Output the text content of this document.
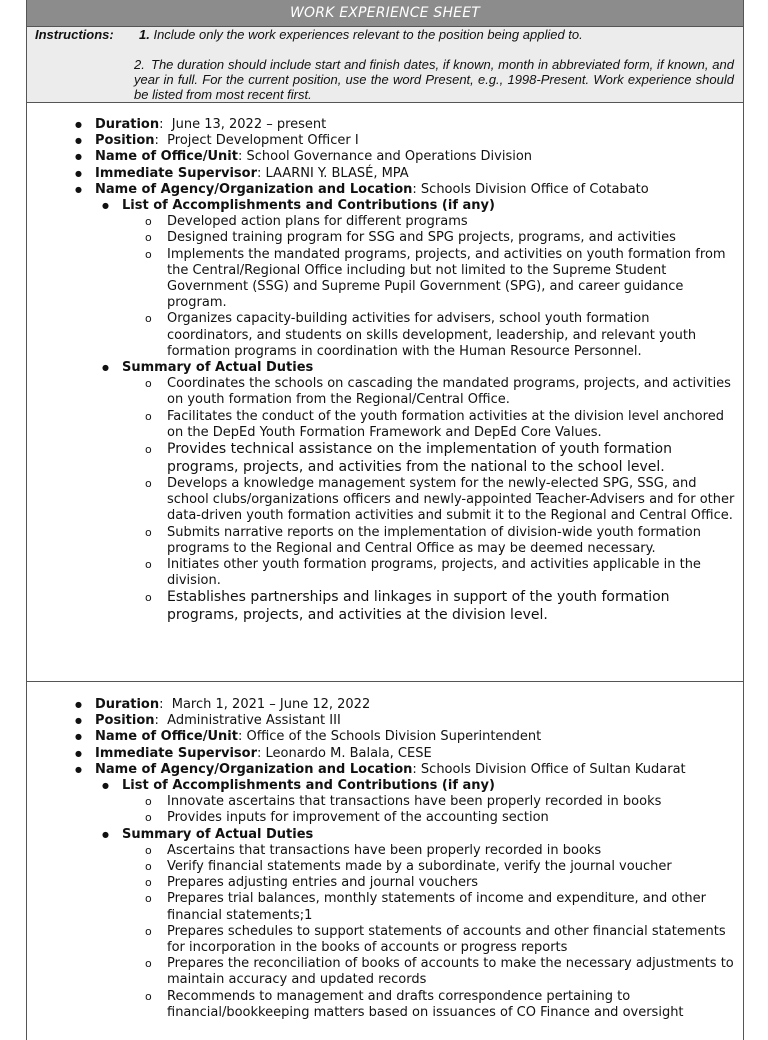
WORK EXPERIENCE SHEET
Instructions: 1. Include only the work experiences relevant to the position being applied to.
2. The duration should include start and finish dates, if known, month in abbreviated form, if known, and year in full. For the current position, use the word Present, e.g., 1998-Present. Work experience should be listed from most recent first.
● Duration:  June 13, 2022 – present
● Position:  Project Development Officer I
● Name of Office/Unit: School Governance and Operations Division
● Immediate Supervisor: LAARNI Y. BLASÉ, MPA
● Name of Agency/Organization and Location: Schools Division Office of Cotabato
● List of Accomplishments and Contributions (if any)
o Developed action plans for different programs
o Designed training program for SSG and SPG projects, programs, and activities
o Implements the mandated programs, projects, and activities on youth formation from the Central/Regional Office including but not limited to the Supreme Student Government (SSG) and Supreme Pupil Government (SPG), and career guidance program.
o Organizes capacity-building activities for advisers, school youth formation coordinators, and students on skills development, leadership, and relevant youth formation programs in coordination with the Human Resource Personnel.
● Summary of Actual Duties
o Coordinates the schools on cascading the mandated programs, projects, and activities on youth formation from the Regional/Central Office.
o Facilitates the conduct of the youth formation activities at the division level anchored on the DepEd Youth Formation Framework and DepEd Core Values.
o Provides technical assistance on the implementation of youth formation programs, projects, and activities from the national to the school level.
o Develops a knowledge management system for the newly-elected SPG, SSG, and school clubs/organizations officers and newly-appointed Teacher-Advisers and for other data-driven youth formation activities and submit it to the Regional and Central Office.
o Submits narrative reports on the implementation of division-wide youth formation programs to the Regional and Central Office as may be deemed necessary.
o Initiates other youth formation programs, projects, and activities applicable in the division.
o Establishes partnerships and linkages in support of the youth formation programs, projects, and activities at the division level.
● Duration:  March 1, 2021 – June 12, 2022
● Position:  Administrative Assistant III
● Name of Office/Unit: Office of the Schools Division Superintendent
● Immediate Supervisor: Leonardo M. Balala, CESE
● Name of Agency/Organization and Location: Schools Division Office of Sultan Kudarat
● List of Accomplishments and Contributions (if any)
o Innovate ascertains that transactions have been properly recorded in books
o Provides inputs for improvement of the accounting section
● Summary of Actual Duties
o Ascertains that transactions have been properly recorded in books
o Verify financial statements made by a subordinate, verify the journal voucher
o Prepares adjusting entries and journal vouchers
o Prepares trial balances, monthly statements of income and expenditure, and other financial statements;1
o Prepares schedules to support statements of accounts and other financial statements for incorporation in the books of accounts or progress reports
o Prepares the reconciliation of books of accounts to make the necessary adjustments to maintain accuracy and updated records
o Recommends to management and drafts correspondence pertaining to financial/bookkeeping matters based on issuances of CO Finance and oversight
